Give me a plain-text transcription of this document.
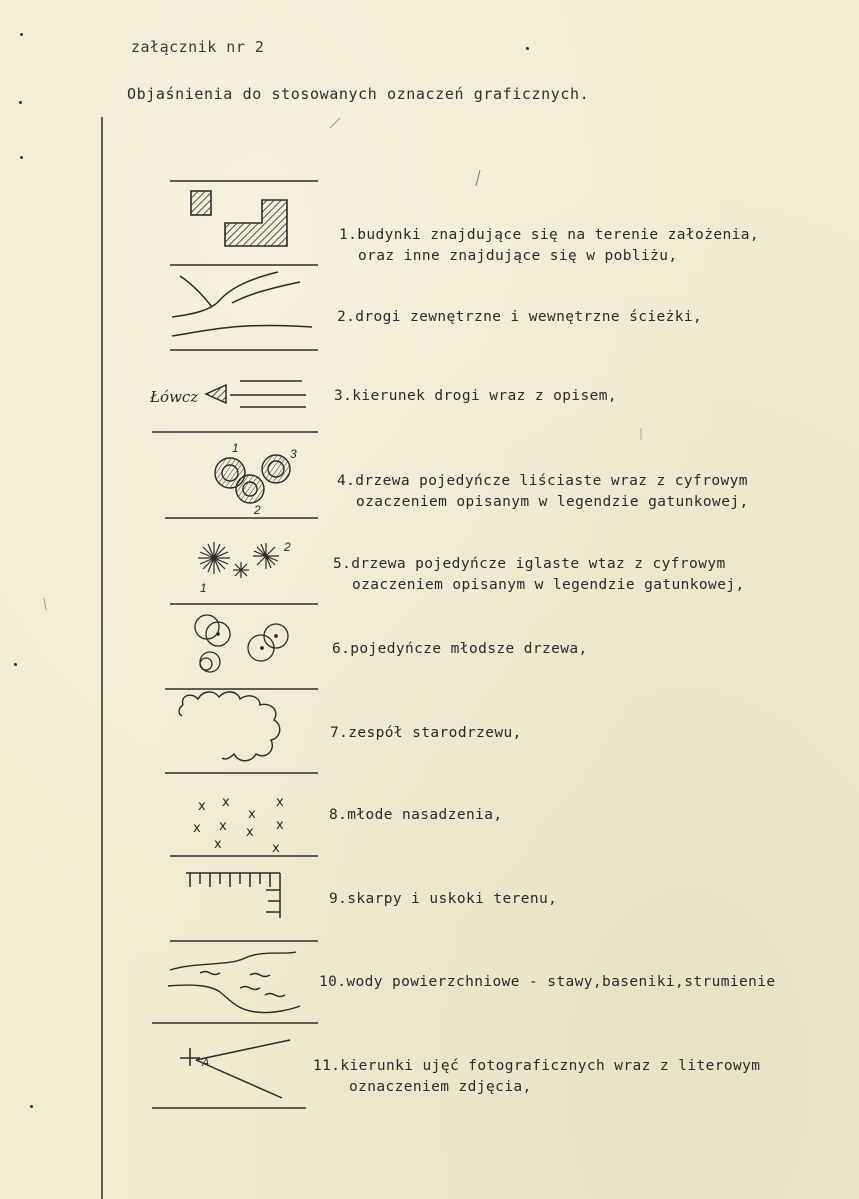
załącznik nr 2
Objaśnienia do stosowanych oznaczeń graficznych.
Łówcz
1
2
3
1
2
x x	x
x
x x x x
x	x
A
1.budynki znajdujące się na terenie założenia,
oraz inne znajdujące się w pobliżu,
2.drogi zewnętrzne i wewnętrzne ścieżki,
3.kierunek drogi wraz z opisem,
4.drzewa pojedyńcze liściaste wraz z cyfrowym
ozaczeniem opisanym w legendzie gatunkowej,
5.drzewa pojedyńcze iglaste wtaz z cyfrowym
ozaczeniem opisanym w legendzie gatunkowej,
6.pojedyńcze młodsze drzewa,
7.zespół starodrzewu,
8.młode nasadzenia,
9.skarpy i uskoki terenu,
10.wody powierzchniowe - stawy,baseniki,strumienie
11.kierunki ujęć fotograficznych wraz z literowym
oznaczeniem zdjęcia,
